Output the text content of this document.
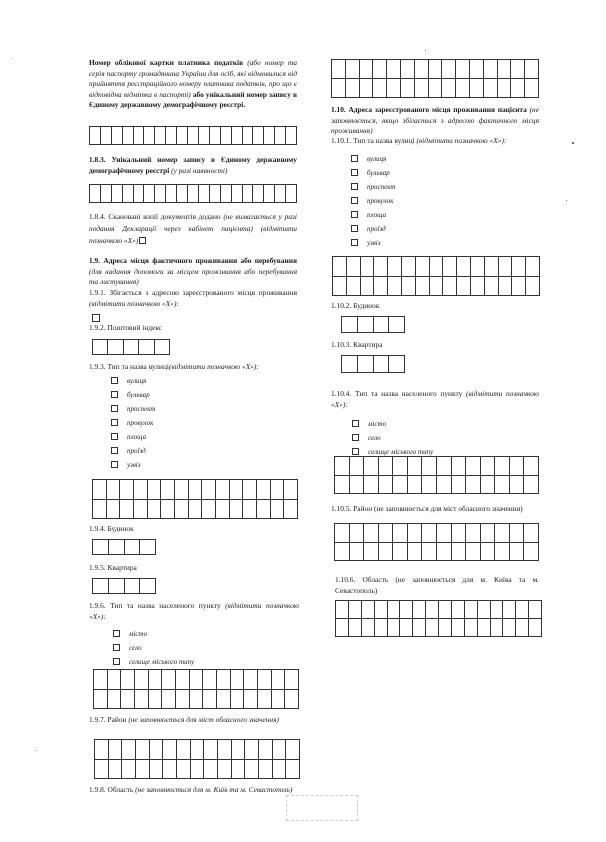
Номер облікової картки платника податків (або номер та серія паспорту громадянина України для осіб, які відмовилися від прийняття реєстраційного номеру платника податків, про що є відповідна відмітка в паспорті) або унікальний номер запису в Єдиному державному демографічному реєстрі.
1.8.3. Унікальний номер запису в Єдиному державному демографічному реєстрі (у разі наявності)
1.8.4. Скановані копії документів додано (не вимагається у разі подання Декларації через кабінет пацієнта) (відмітити позначкою «Х»)
1.9. Адреса місця фактичного проживання або перебування (для надання допомоги за місцем проживання або перебування та листування)
1.9.1. Збігається з адресою зареєстрованого місця проживання (відмітити позначкою «Х»):
1.9.2. Поштовий індекс
1.9.3. Тип та назва вулиці(відмітити позначкою «Х»):
вулиця
бульвар
проспект
провулок
площа
проїзд
узвіз
1.9.4. Будинок
1.9.5. Квартира
1.9.6. Тип та назва населеного пункту (відмітити позначкою «Х»):
місто
село
селище міського типу
1.9.7. Район (не заповнюється для міст обласного значення)
1.9.8. Область (не заповнюється для м. Київ та м. Севастополь)
1.10. Адреса зареєстрованого місця проживання пацієнта (не заповнюється, якщо збігається з адресою фактичного місця проживання)
1.10.1. Тип та назва вулиці (відмітити позначкою «Х»):
вулиця
бульвар
проспект
провулок
площа
проїзд
узвіз
1.10.2. Будинок
1.10.3. Квартира
1.10.4. Тип та назва населеного пункту (відмітити позначкою «Х»):
місто
село
селище міського типу
1.10.5. Район (не заповнюється для міст обласного значення)
1.10.6. Область (не заповнюється для м. Київа та м. Севастополь)
